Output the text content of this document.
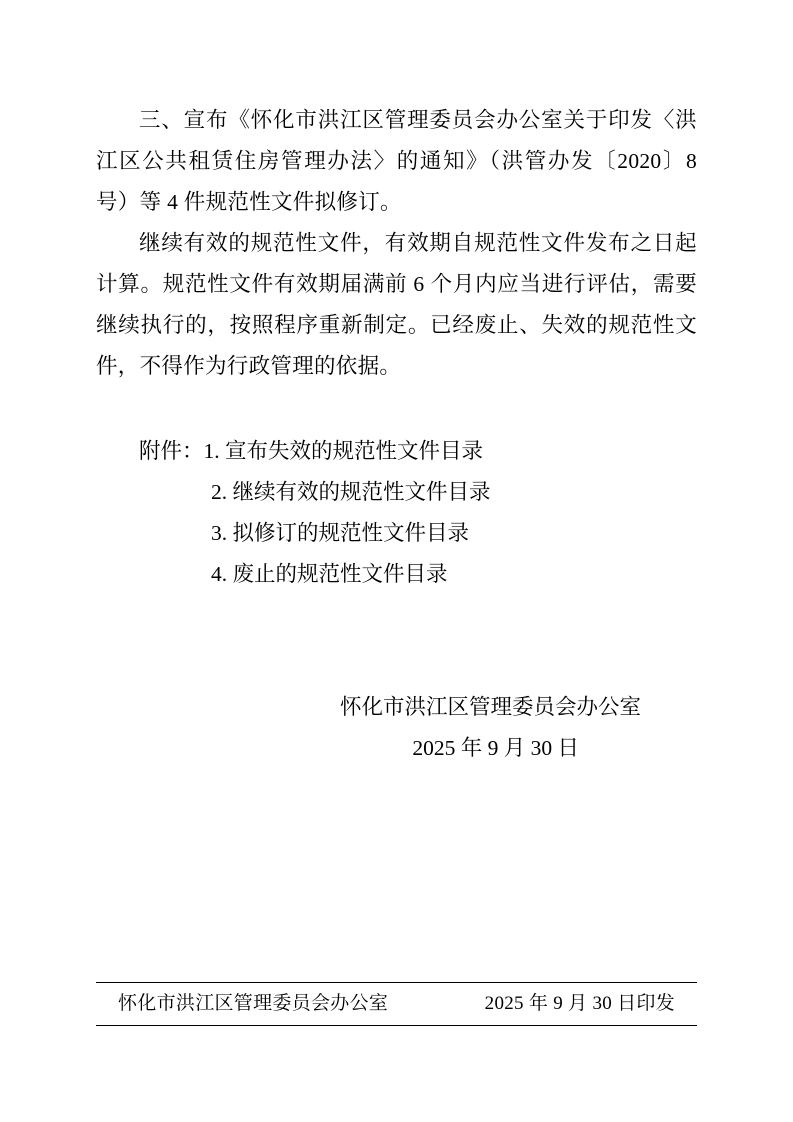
三、宣布《怀化市洪江区管理委员会办公室关于印发〈洪江区公共租赁住房管理办法〉的通知》（洪管办发〔2020〕8 号）等 4 件规范性文件拟修订。

继续有效的规范性文件，有效期自规范性文件发布之日起计算。规范性文件有效期届满前 6 个月内应当进行评估，需要继续执行的，按照程序重新制定。已经废止、失效的规范性文件，不得作为行政管理的依据。

附件：1. 宣布失效的规范性文件目录
2. 继续有效的规范性文件目录
3. 拟修订的规范性文件目录
4. 废止的规范性文件目录
怀化市洪江区管理委员会办公室
2025 年 9 月 30 日
怀化市洪江区管理委员会办公室	2025 年 9 月 30 日印发
